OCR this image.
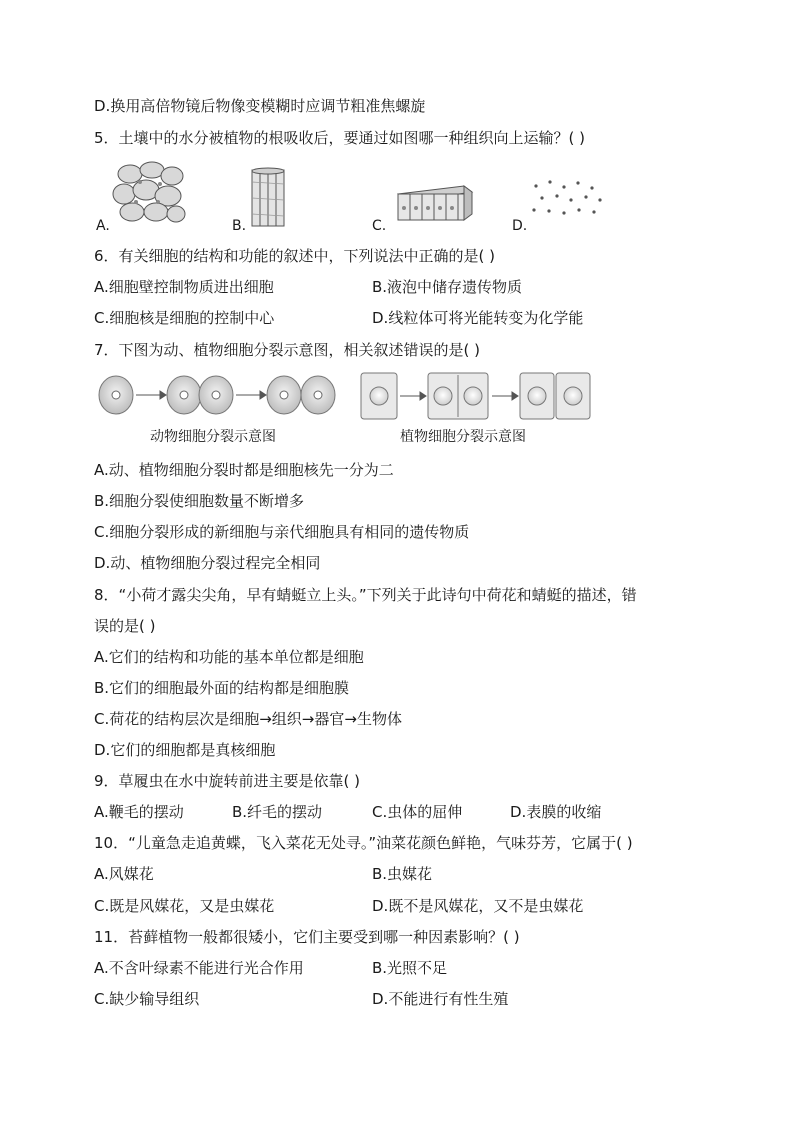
D.换用高倍物镜后物像变模糊时应调节粗准焦螺旋
5．土壤中的水分被植物的根吸收后，要通过如图哪一种组织向上运输？( )
A.	B.	C.	D.
6．有关细胞的结构和功能的叙述中，下列说法中正确的是( )
A.细胞壁控制物质进出细胞	B.液泡中储存遗传物质
C.细胞核是细胞的控制中心	D.线粒体可将光能转变为化学能
7．下图为动、植物细胞分裂示意图，相关叙述错误的是( )
动物细胞分裂示意图	植物细胞分裂示意图
A.动、植物细胞分裂时都是细胞核先一分为二
B.细胞分裂使细胞数量不断增多
C.细胞分裂形成的新细胞与亲代细胞具有相同的遗传物质
D.动、植物细胞分裂过程完全相同
8．“小荷才露尖尖角，早有蜻蜓立上头。”下列关于此诗句中荷花和蜻蜓的描述，错
误的是( )
A.它们的结构和功能的基本单位都是细胞
B.它们的细胞最外面的结构都是细胞膜
C.荷花的结构层次是细胞→组织→器官→生物体
D.它们的细胞都是真核细胞
9．草履虫在水中旋转前进主要是依靠( )
A.鞭毛的摆动	B.纤毛的摆动	C.虫体的屈伸	D.表膜的收缩
10．“儿童急走追黄蝶，飞入菜花无处寻。”油菜花颜色鲜艳，气味芬芳，它属于( )
A.风媒花	B.虫媒花
C.既是风媒花，又是虫媒花	D.既不是风媒花，又不是虫媒花
11．苔藓植物一般都很矮小，它们主要受到哪一种因素影响？( )
A.不含叶绿素不能进行光合作用	B.光照不足
C.缺少输导组织	D.不能进行有性生殖
